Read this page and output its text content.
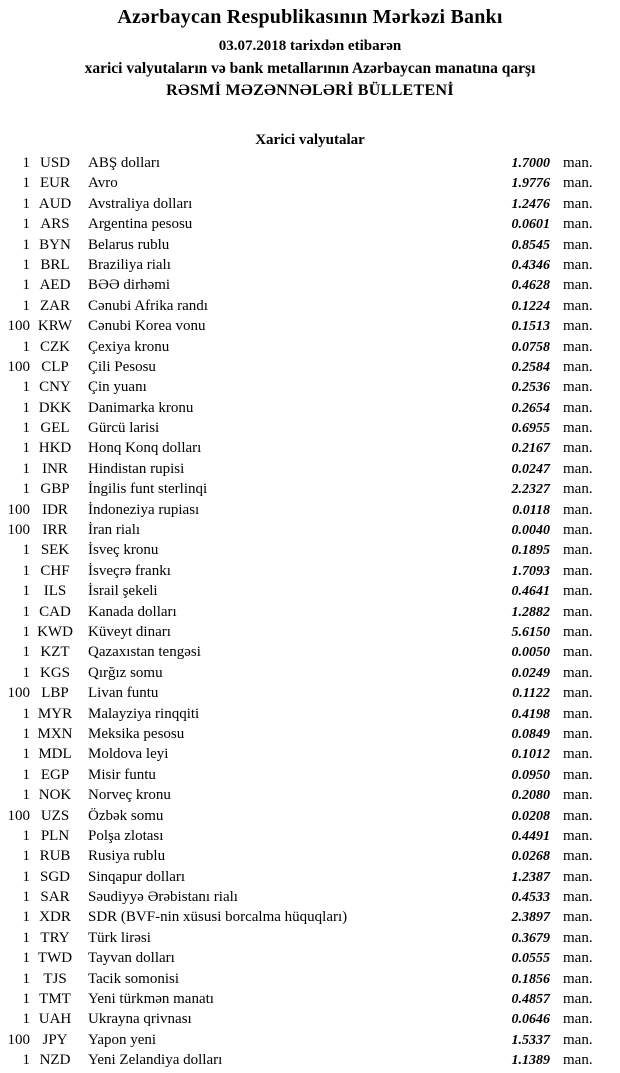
Azərbaycan Respublikasının Mərkəzi Bankı
03.07.2018 tarixdən etibarən
xarici valyutaların və bank metallarının Azərbaycan manatına qarşı
RƏSMİ MƏZƏNNƏLƏRİ BÜLLETENİ
Xarici valyutalar
1 USD	ABŞ dolları	1.7000 man.
1 EUR	Avro	1.9776 man.
1 AUD	Avstraliya dolları	1.2476 man.
1 ARS	Argentina pesosu	0.0601 man.
1 BYN	Belarus rublu	0.8545 man.
1 BRL	Braziliya rialı	0.4346 man.
1 AED	BƏƏ dirhəmi	0.4628 man.
1 ZAR	Cənubi Afrika randı	0.1224 man.
100 KRW	Cənubi Korea vonu	0.1513 man.
1 CZK	Çexiya kronu	0.0758 man.
100 CLP	Çili Pesosu	0.2584 man.
1 CNY	Çin yuanı	0.2536 man.
1 DKK	Danimarka kronu	0.2654 man.
1 GEL	Gürcü larisi	0.6955 man.
1 HKD	Honq Konq dolları	0.2167 man.
1 INR	Hindistan rupisi	0.0247 man.
1 GBP	İngilis funt sterlinqi	2.2327 man.
100 IDR	İndoneziya rupiası	0.0118 man.
100 IRR	İran rialı	0.0040 man.
1 SEK	İsveç kronu	0.1895 man.
1 CHF	İsveçrə frankı	1.7093 man.
1 ILS	İsrail şekeli	0.4641 man.
1 CAD	Kanada dolları	1.2882 man.
1 KWD	Küveyt dinarı	5.6150 man.
1 KZT	Qazaxıstan tengəsi	0.0050 man.
1 KGS	Qırğız somu	0.0249 man.
100 LBP	Livan funtu	0.1122 man.
1 MYR	Malayziya rinqqiti	0.4198 man.
1 MXN	Meksika pesosu	0.0849 man.
1 MDL	Moldova leyi	0.1012 man.
1 EGP	Misir funtu	0.0950 man.
1 NOK	Norveç kronu	0.2080 man.
100 UZS	Özbək somu	0.0208 man.
1 PLN	Polşa zlotası	0.4491 man.
1 RUB	Rusiya rublu	0.0268 man.
1 SGD	Sinqapur dolları	1.2387 man.
1 SAR	Səudiyyə Ərəbistanı rialı	0.4533 man.
1 XDR	SDR (BVF-nin xüsusi borcalma hüquqları)	2.3897 man.
1 TRY	Türk lirəsi	0.3679 man.
1 TWD	Tayvan dolları	0.0555 man.
1 TJS	Tacik somonisi	0.1856 man.
1 TMT	Yeni türkmən manatı	0.4857 man.
1 UAH	Ukrayna qrivnası	0.0646 man.
100 JPY	Yapon yeni	1.5337 man.
1 NZD	Yeni Zelandiya dolları	1.1389 man.
